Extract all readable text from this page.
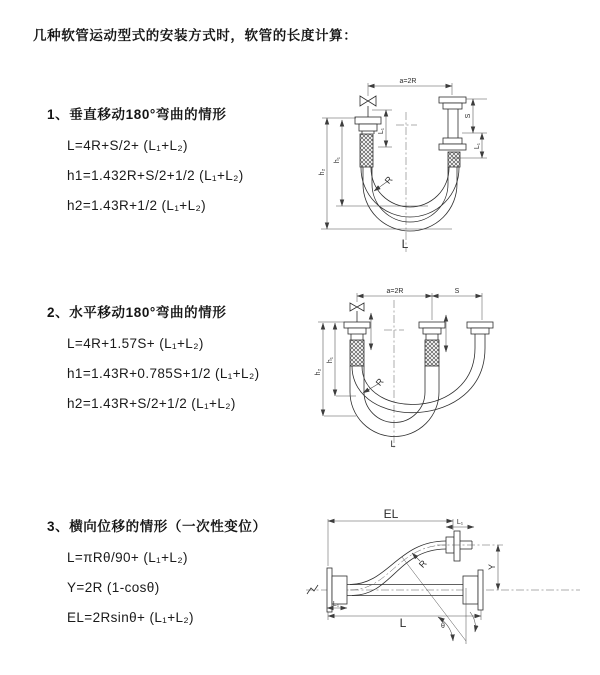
几种软管运动型式的安装方式时，软管的长度计算：
1、垂直移动180°弯曲的情形
L=4R+S/2+ (L₁+L₂)
h1=1.432R+S/2+1/2 (L₁+L₂)
h2=1.43R+1/2 (L₁+L₂)
2、水平移动180°弯曲的情形
L=4R+1.57S+ (L₁+L₂)
h1=1.43R+0.785S+1/2 (L₁+L₂)
h2=1.43R+S/2+1/2 (L₁+L₂)
3、横向位移的情形（一次性变位）
L=πRθ/90+ (L₁+L₂)
Y=2R (1-cosθ)
EL=2Rsinθ+ (L₁+L₂)
a=2R
L₁
h₁
h₂
S
L₁
R
L
a=2R	S
h₁
h₂
R
L
EL
L₁
Y
L
L₁
R
θ
